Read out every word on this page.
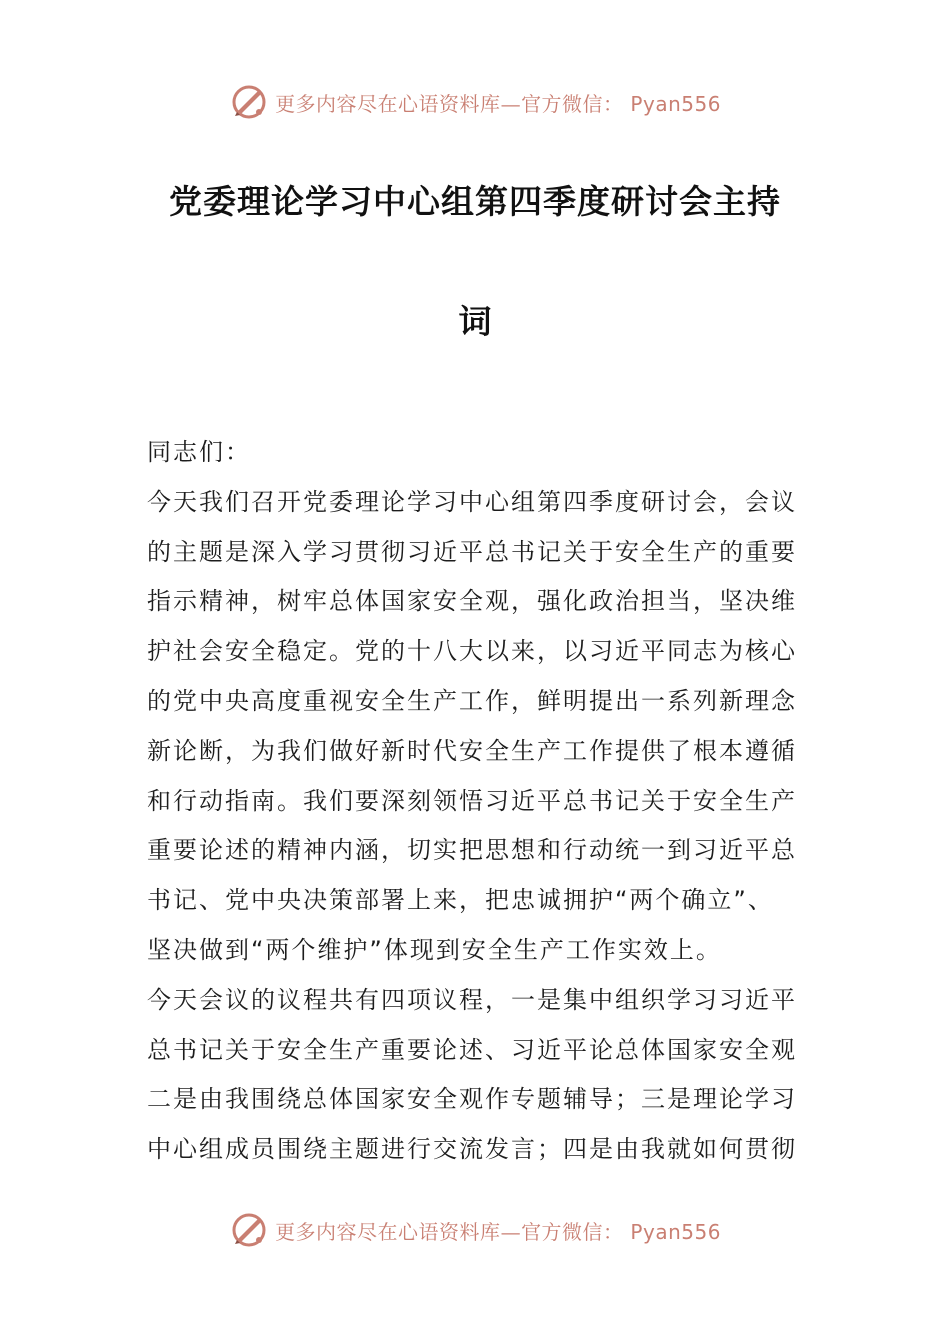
更多内容尽在心语资料库—官方微信： Pyan556
党委理论学习中心组第四季度研讨会主持
词
同志们：
今天我们召开党委理论学习中心组第四季度研讨会，会议
的主题是深入学习贯彻习近平总书记关于安全生产的重要
指示精神，树牢总体国家安全观，强化政治担当，坚决维
护社会安全稳定。党的十八大以来，以习近平同志为核心
的党中央高度重视安全生产工作，鲜明提出一系列新理念
新论断，为我们做好新时代安全生产工作提供了根本遵循
和行动指南。我们要深刻领悟习近平总书记关于安全生产
重要论述的精神内涵，切实把思想和行动统一到习近平总
书记、党中央决策部署上来，把忠诚拥护“两个确立”、
坚决做到“两个维护”体现到安全生产工作实效上。
今天会议的议程共有四项议程，一是集中组织学习习近平
总书记关于安全生产重要论述、习近平论总体国家安全观
二是由我围绕总体国家安全观作专题辅导；三是理论学习
中心组成员围绕主题进行交流发言；四是由我就如何贯彻
更多内容尽在心语资料库—官方微信： Pyan556
